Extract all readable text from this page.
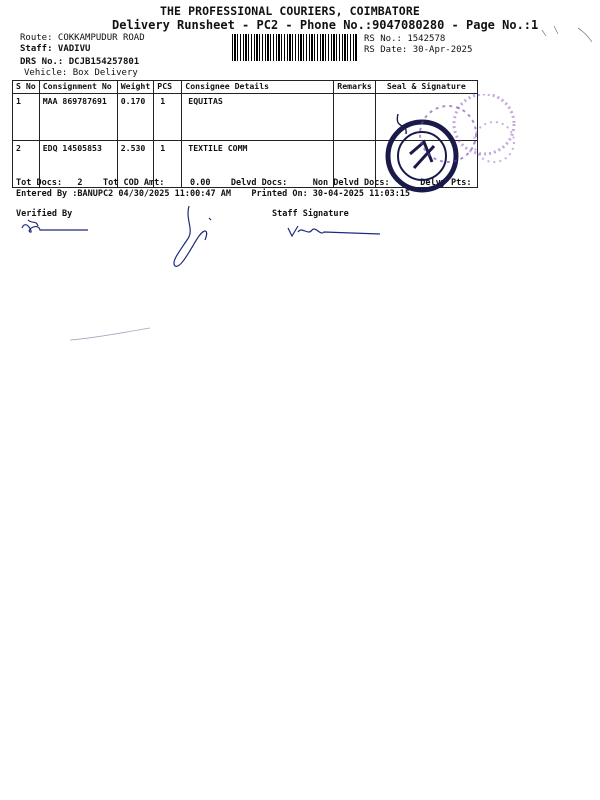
THE PROFESSIONAL COURIERS, COIMBATORE
Delivery Runsheet - PC2 - Phone No.:9047080280 - Page No.:1
Route: COKKAMPUDUR ROAD
Staff: VADIVU
DRS No.: DCJB154257801
Vehicle: Box Delivery
RS No.: 1542578
RS Date: 30-Apr-2025
S No	Consignment No	Weight	PCS	Consignee Details	Remarks	Seal & Signature
1	MAA 869787691	0.170	1	EQUITAS		
2	EDQ 14505853	2.530	1	TEXTILE COMM		
Tot Docs:   2    Tot COD Amt:     0.00    Delvd Docs:     Non Delvd Docs:      Delvy Pts:
Entered By :BANUPC2 04/30/2025 11:00:47 AM    Printed On: 30-04-2025 11:03:15
Verified By	Staff Signature
